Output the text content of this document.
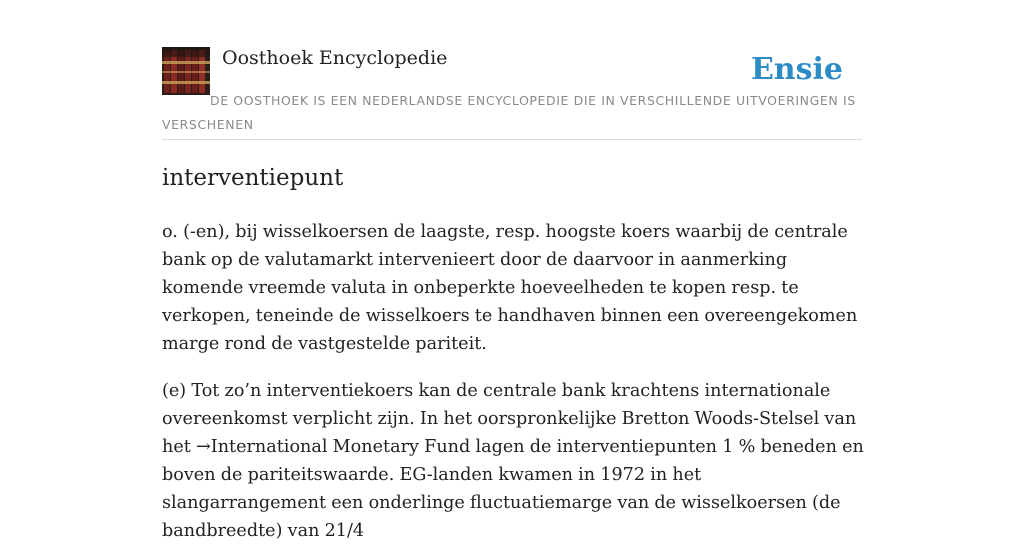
Oosthoek Encyclopedie	Ensie
DE OOSTHOEK IS EEN NEDERLANDSE ENCYCLOPEDIE DIE IN VERSCHILLENDE UITVOERINGEN IS VERSCHENEN
interventiepunt

o. (-en), bij wisselkoersen de laagste, resp. hoogste koers waarbij de centrale bank op de valutamarkt intervenieert door de daarvoor in aanmerking komende vreemde valuta in onbeperkte hoeveelheden te kopen resp. te verkopen, teneinde de wisselkoers te handhaven binnen een overeengekomen marge rond de vastgestelde pariteit.

(e) Tot zo’n interventiekoers kan de centrale bank krachtens internationale overeenkomst verplicht zijn. In het oorspronkelijke Bretton Woods-Stelsel van het →International Monetary Fund lagen de interventiepunten 1 % beneden en boven de pariteitswaarde. EG-landen kwamen in 1972 in het slangarrangement een onderlinge fluctuatiemarge van de wisselkoersen (de bandbreedte) van 21/4
